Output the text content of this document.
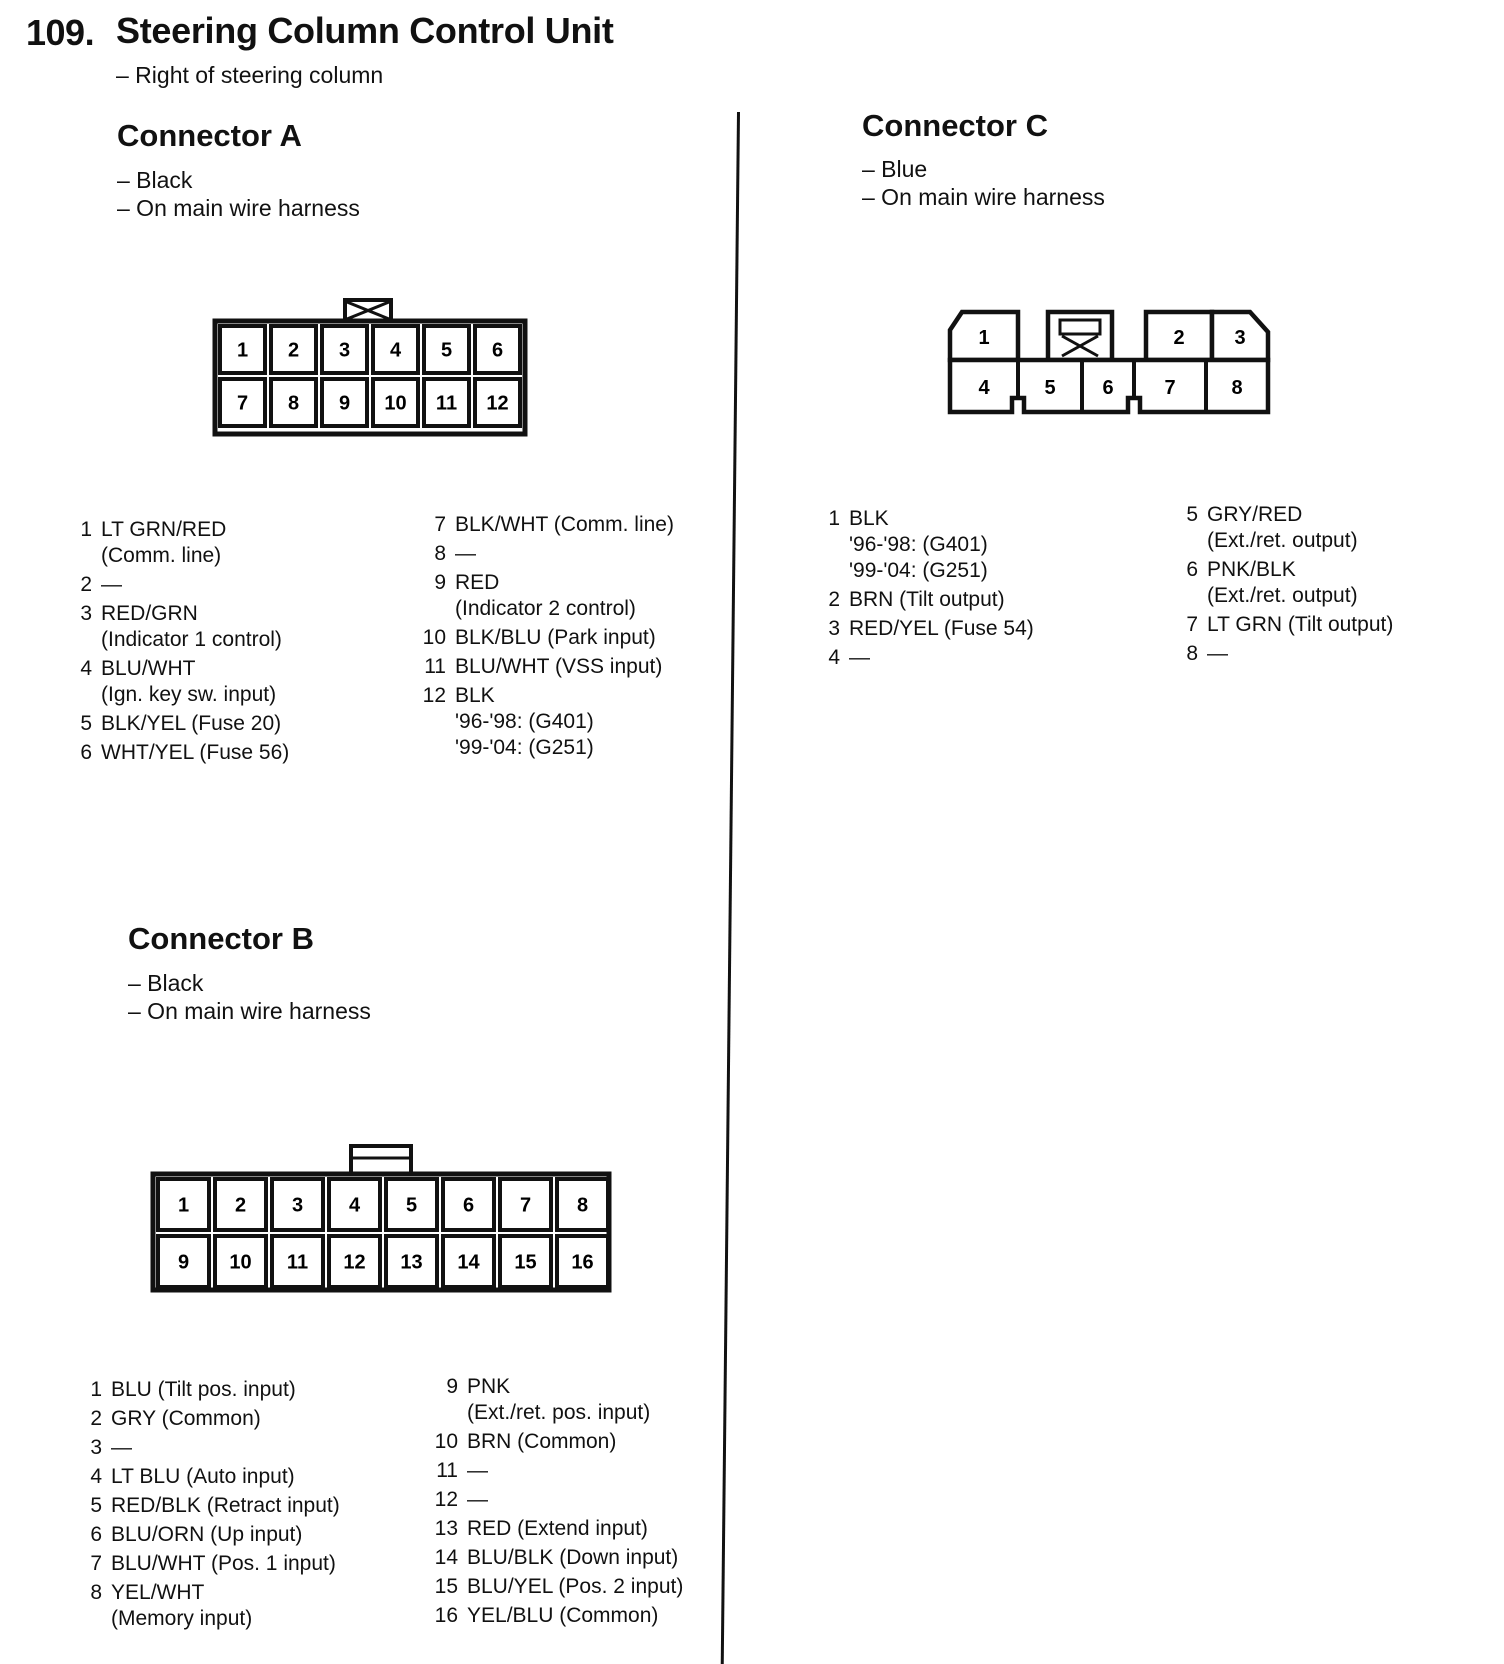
109. Steering Column Control Unit
– Right of steering column
Connector A
– Black
– On main wire harness
1 2 3 4 5 6
7 8 9 10 11 12
1 LT GRN/RED
(Comm. line)
2 —
3 RED/GRN
(Indicator 1 control)
4 BLU/WHT
(Ign. key sw. input)
5 BLK/YEL (Fuse 20)
6 WHT/YEL (Fuse 56)
7 BLK/WHT (Comm. line)
8 —
9 RED
(Indicator 2 control)
10 BLK/BLU (Park input)
11 BLU/WHT (VSS input)
12 BLK
'96-'98: (G401)
'99-'04: (G251)
Connector C
– Blue
– On main wire harness
1	2 3
4	5 6	7	8
1 BLK
'96-'98: (G401)
'99-'04: (G251)
2 BRN (Tilt output)
3 RED/YEL (Fuse 54)
4 —
5 GRY/RED
(Ext./ret. output)
6 PNK/BLK
(Ext./ret. output)
7 LT GRN (Tilt output)
8 —
Connector B
– Black
– On main wire harness
1 2 3 4 5 6 7 8
9 10 11 12 13 14 15 16
1 BLU (Tilt pos. input)
2 GRY (Common)
3 —
4 LT BLU (Auto input)
5 RED/BLK (Retract input)
6 BLU/ORN (Up input)
7 BLU/WHT (Pos. 1 input)
8 YEL/WHT
(Memory input)
9 PNK
(Ext./ret. pos. input)
10 BRN (Common)
11 —
12 —
13 RED (Extend input)
14 BLU/BLK (Down input)
15 BLU/YEL (Pos. 2 input)
16 YEL/BLU (Common)
